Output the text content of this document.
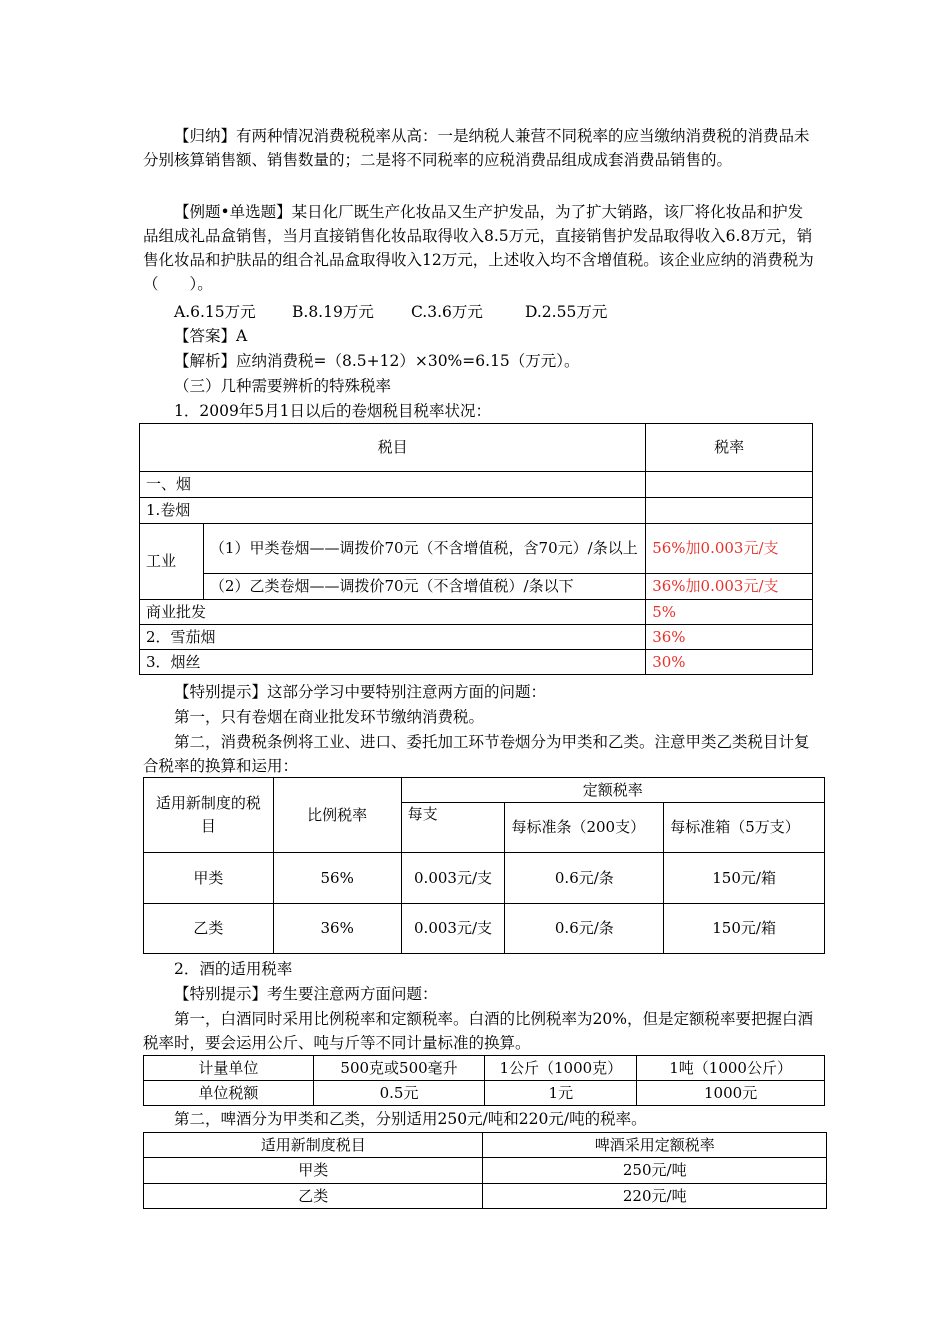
【归纳】有两种情况消费税税率从高：一是纳税人兼营不同税率的应当缴纳消费税的消费品未分别核算销售额、销售数量的；二是将不同税率的应税消费品组成成套消费品销售的。

【例题•单选题】某日化厂既生产化妆品又生产护发品，为了扩大销路，该厂将化妆品和护发品组成礼品盒销售，当月直接销售化妆品取得收入8.5万元，直接销售护发品取得收入6.8万元，销售化妆品和护肤品的组合礼品盒取得收入12万元，上述收入均不含增值税。该企业应纳的消费税为（　　）。

A.6.15万元 B.8.19万元 C.3.6万元	D.2.55万元

【答案】A

【解析】应纳消费税=（8.5+12）×30%=6.15（万元）。

（三）几种需要辨析的特殊税率

1．2009年5月1日以后的卷烟税目税率状况：

税目		税率
一、烟		
1.卷烟		
工业	（1）甲类卷烟——调拨价70元（不含增值税，含70元）/条以上	56%加0.003元/支
	（2）乙类卷烟——调拨价70元（不含增值税）/条以下	36%加0.003元/支
商业批发		5%
2．雪茄烟		36%
3．烟丝		30%

【特别提示】这部分学习中要特别注意两方面的问题：

第一，只有卷烟在商业批发环节缴纳消费税。

第二，消费税条例将工业、进口、委托加工环节卷烟分为甲类和乙类。注意甲类乙类税目计复合税率的换算和运用：

适用新制度的税目	比例税率	定额税率		
		每支	每标准条（200支）	每标准箱（5万支）
甲类	56%	0.003元/支	0.6元/条	150元/箱
乙类	36%	0.003元/支	0.6元/条	150元/箱

2．酒的适用税率

【特别提示】考生要注意两方面问题：

第一，白酒同时采用比例税率和定额税率。白酒的比例税率为20%，但是定额税率要把握白酒税率时，要会运用公斤、吨与斤等不同计量标准的换算。

计量单位	500克或500毫升	1公斤（1000克）	1吨（1000公斤）
单位税额	0.5元	1元	1000元

第二，啤酒分为甲类和乙类，分别适用250元/吨和220元/吨的税率。

适用新制度税目	啤酒采用定额税率
甲类	250元/吨
乙类	220元/吨
